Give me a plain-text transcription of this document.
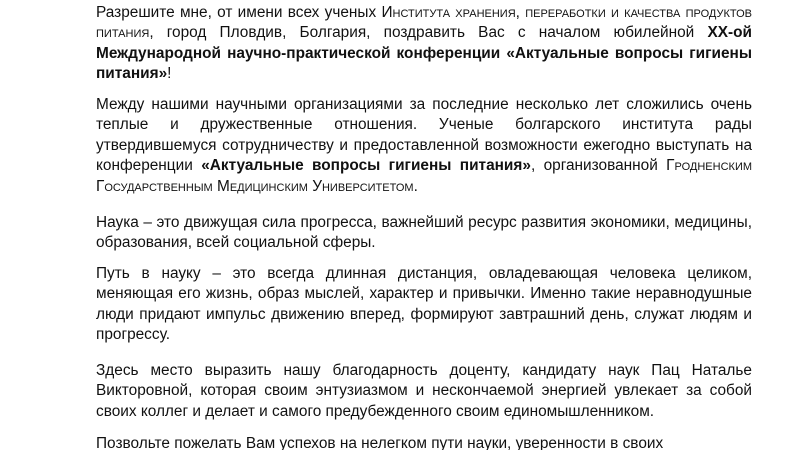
Разрешите мне, от имени всех ученых Института хранения, переработки и качества продуктов питания, город Пловдив, Болгария, поздравить Вас с началом юбилейной XX-ой Международной научно-практической конференции «Актуальные вопросы гигиены питания»!

Между нашими научными организациями за последние несколько лет сложились очень теплые и дружественные отношения. Ученые болгарского института рады утвердившемуся сотрудничеству и предоставленной возможности ежегодно выступать на конференции «Актуальные вопросы гигиены питания», организованной Гродненским Государственным Медицинским Университетом.

Наука – это движущая сила прогресса, важнейший ресурс развития экономики, медицины, образования, всей социальной сферы.

Путь в науку – это всегда длинная дистанция, овладевающая человека целиком, меняющая его жизнь, образ мыслей, характер и привычки. Именно такие неравнодушные люди придают импульс движению вперед, формируют завтрашний день, служат людям и прогрессу.

Здесь место выразить нашу благодарность доценту, кандидату наук Пац Наталье Викторовной, которая своим энтузиазмом и нескончаемой энергией увлекает за собой своих коллег и делает и самого предубежденного своим единомышленником.

Позвольте пожелать Вам успехов на нелегком пути науки, уверенности в своих
